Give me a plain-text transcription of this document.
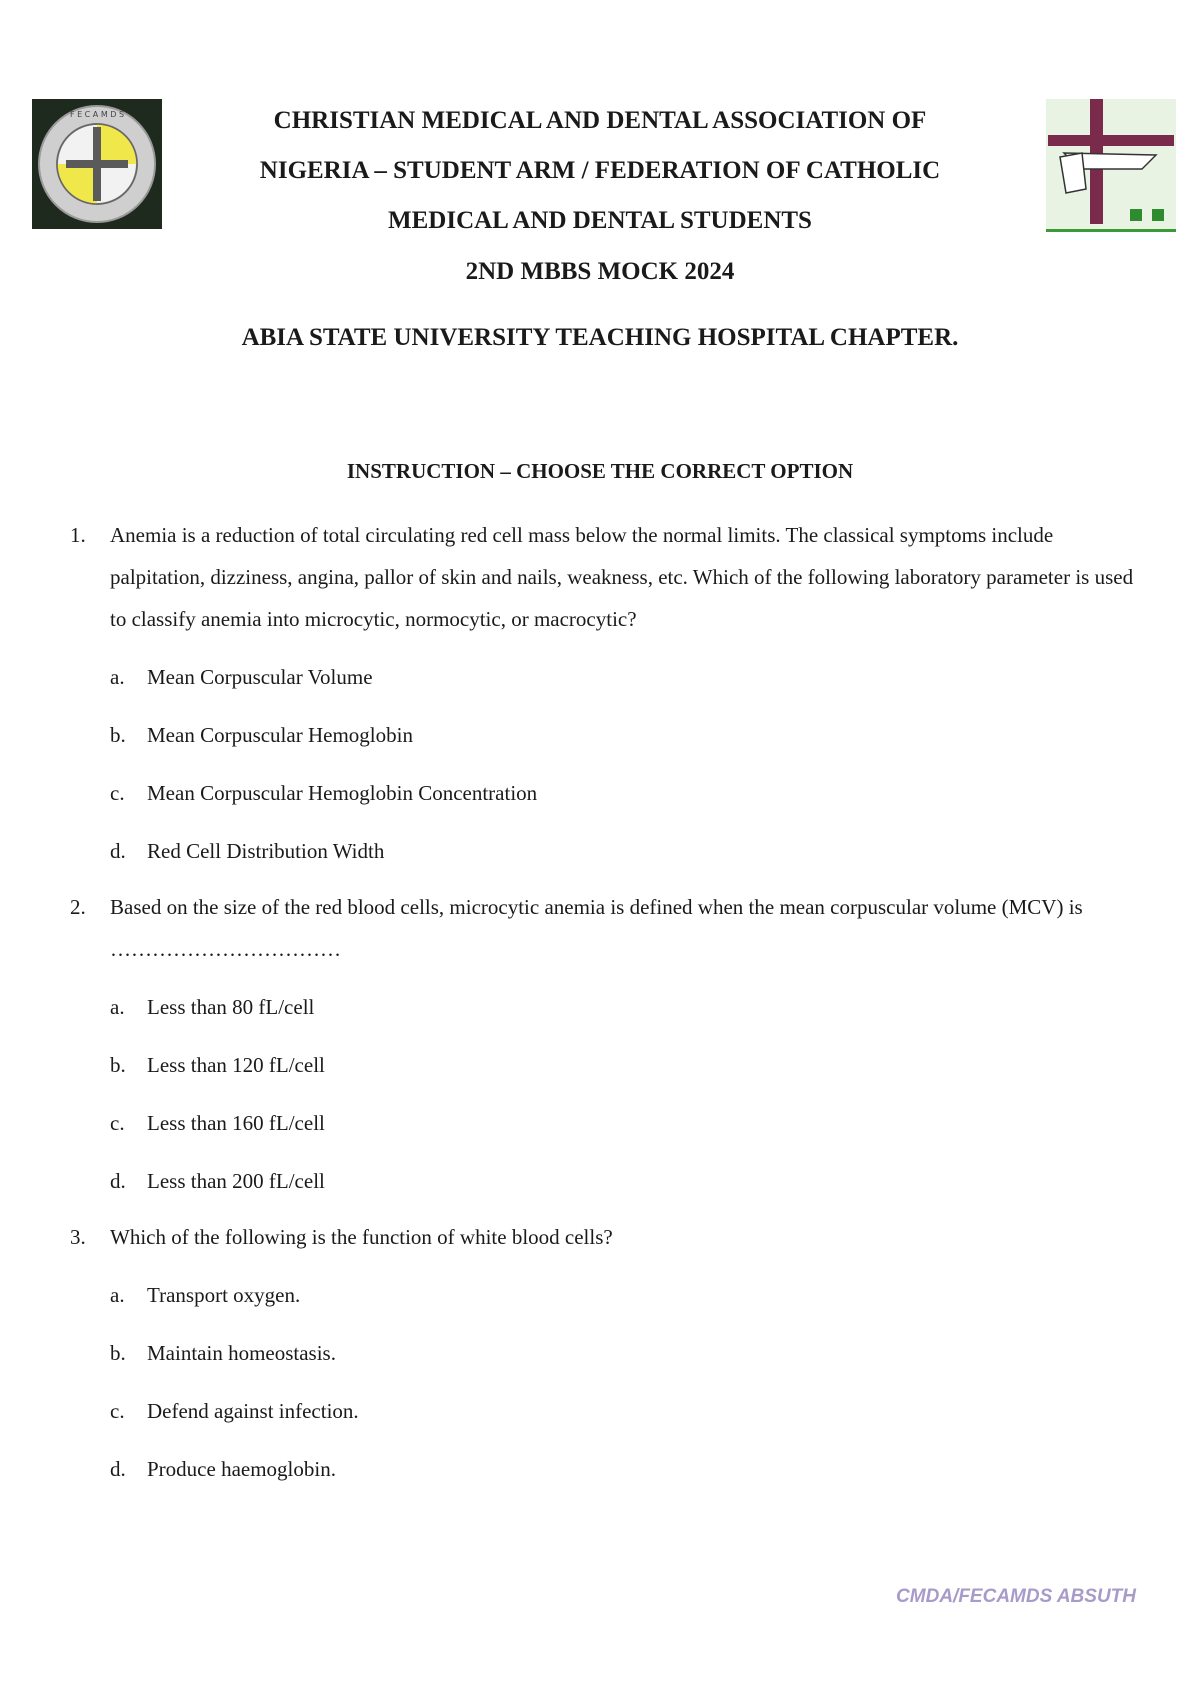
F E C A M D S	CHRISTIAN MEDICAL AND DENTAL ASSOCIATION OF
NIGERIA – STUDENT ARM / FEDERATION OF CATHOLIC
MEDICAL AND DENTAL STUDENTS
2ND MBBS MOCK 2024
ABIA STATE UNIVERSITY TEACHING HOSPITAL CHAPTER.
INSTRUCTION – CHOOSE THE CORRECT OPTION
1.	Anemia is a reduction of total circulating red cell mass below the normal limits. The classical symptoms include palpitation, dizziness, angina, pallor of skin and nails, weakness, etc. Which of the following laboratory parameter is used to classify anemia into microcytic, normocytic, or macrocytic?
a.	Mean Corpuscular Volume
b.	Mean Corpuscular Hemoglobin
c.	Mean Corpuscular Hemoglobin Concentration
d.	Red Cell Distribution Width
2.	Based on the size of the red blood cells, microcytic anemia is defined when the mean corpuscular volume (MCV) is ……………………………
a.	Less than 80 fL/cell
b.	Less than 120 fL/cell
c.	Less than 160 fL/cell
d.	Less than 200 fL/cell
3.	Which of the following is the function of white blood cells?
a.	Transport oxygen.
b.	Maintain homeostasis.
c.	Defend against infection.
d.	Produce haemoglobin.
CMDA/FECAMDS ABSUTH
